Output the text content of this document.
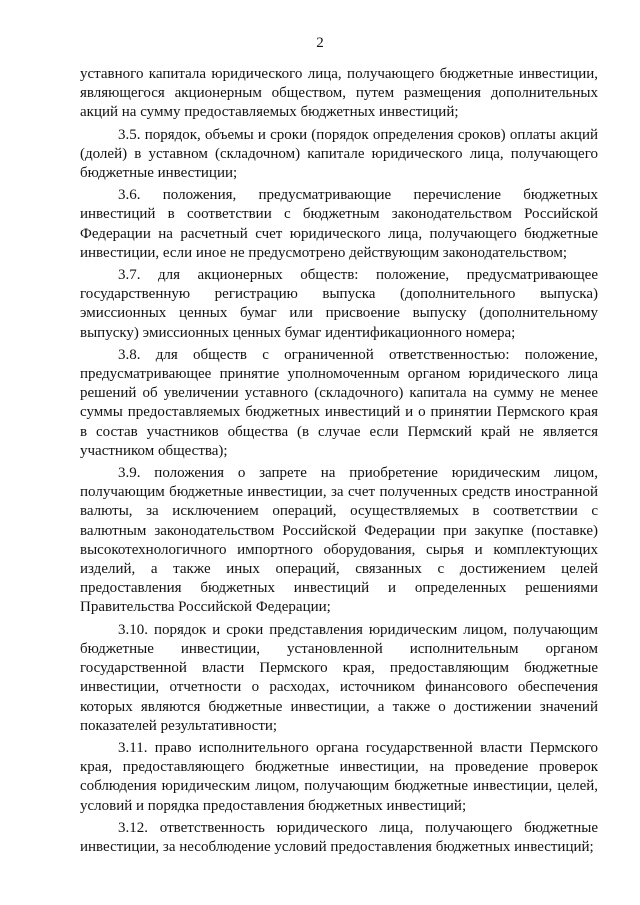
2

уставного капитала юридического лица, получающего бюджетные инвестиции, являющегося акционерным обществом, путем размещения дополнительных акций на сумму предоставляемых бюджетных инвестиций;

3.5. порядок, объемы и сроки (порядок определения сроков) оплаты акций (долей) в уставном (складочном) капитале юридического лица, получающего бюджетные инвестиции;

3.6. положения, предусматривающие перечисление бюджетных инвестиций в соответствии с бюджетным законодательством Российской Федерации на расчетный счет юридического лица, получающего бюджетные инвестиции, если иное не предусмотрено действующим законодательством;

3.7. для акционерных обществ: положение, предусматривающее государственную регистрацию выпуска (дополнительного выпуска) эмиссионных ценных бумаг или присвоение выпуску (дополнительному выпуску) эмиссионных ценных бумаг идентификационного номера;

3.8. для обществ с ограниченной ответственностью: положение, предусматривающее принятие уполномоченным органом юридического лица решений об увеличении уставного (складочного) капитала на сумму не менее суммы предоставляемых бюджетных инвестиций и о принятии Пермского края в состав участников общества (в случае если Пермский край не является участником общества);

3.9. положения о запрете на приобретение юридическим лицом, получающим бюджетные инвестиции, за счет полученных средств иностранной валюты, за исключением операций, осуществляемых в соответствии с валютным законодательством Российской Федерации при закупке (поставке) высокотехнологичного импортного оборудования, сырья и комплектующих изделий, а также иных операций, связанных с достижением целей предоставления бюджетных инвестиций и определенных решениями Правительства Российской Федерации;

3.10. порядок и сроки представления юридическим лицом, получающим бюджетные инвестиции, установленной исполнительным органом государственной власти Пермского края, предоставляющим бюджетные инвестиции, отчетности о расходах, источником финансового обеспечения которых являются бюджетные инвестиции, а также о достижении значений показателей результативности;

3.11. право исполнительного органа государственной власти Пермского края, предоставляющего бюджетные инвестиции, на проведение проверок соблюдения юридическим лицом, получающим бюджетные инвестиции, целей, условий и порядка предоставления бюджетных инвестиций;

3.12. ответственность юридического лица, получающего бюджетные инвестиции, за несоблюдение условий предоставления бюджетных инвестиций;
